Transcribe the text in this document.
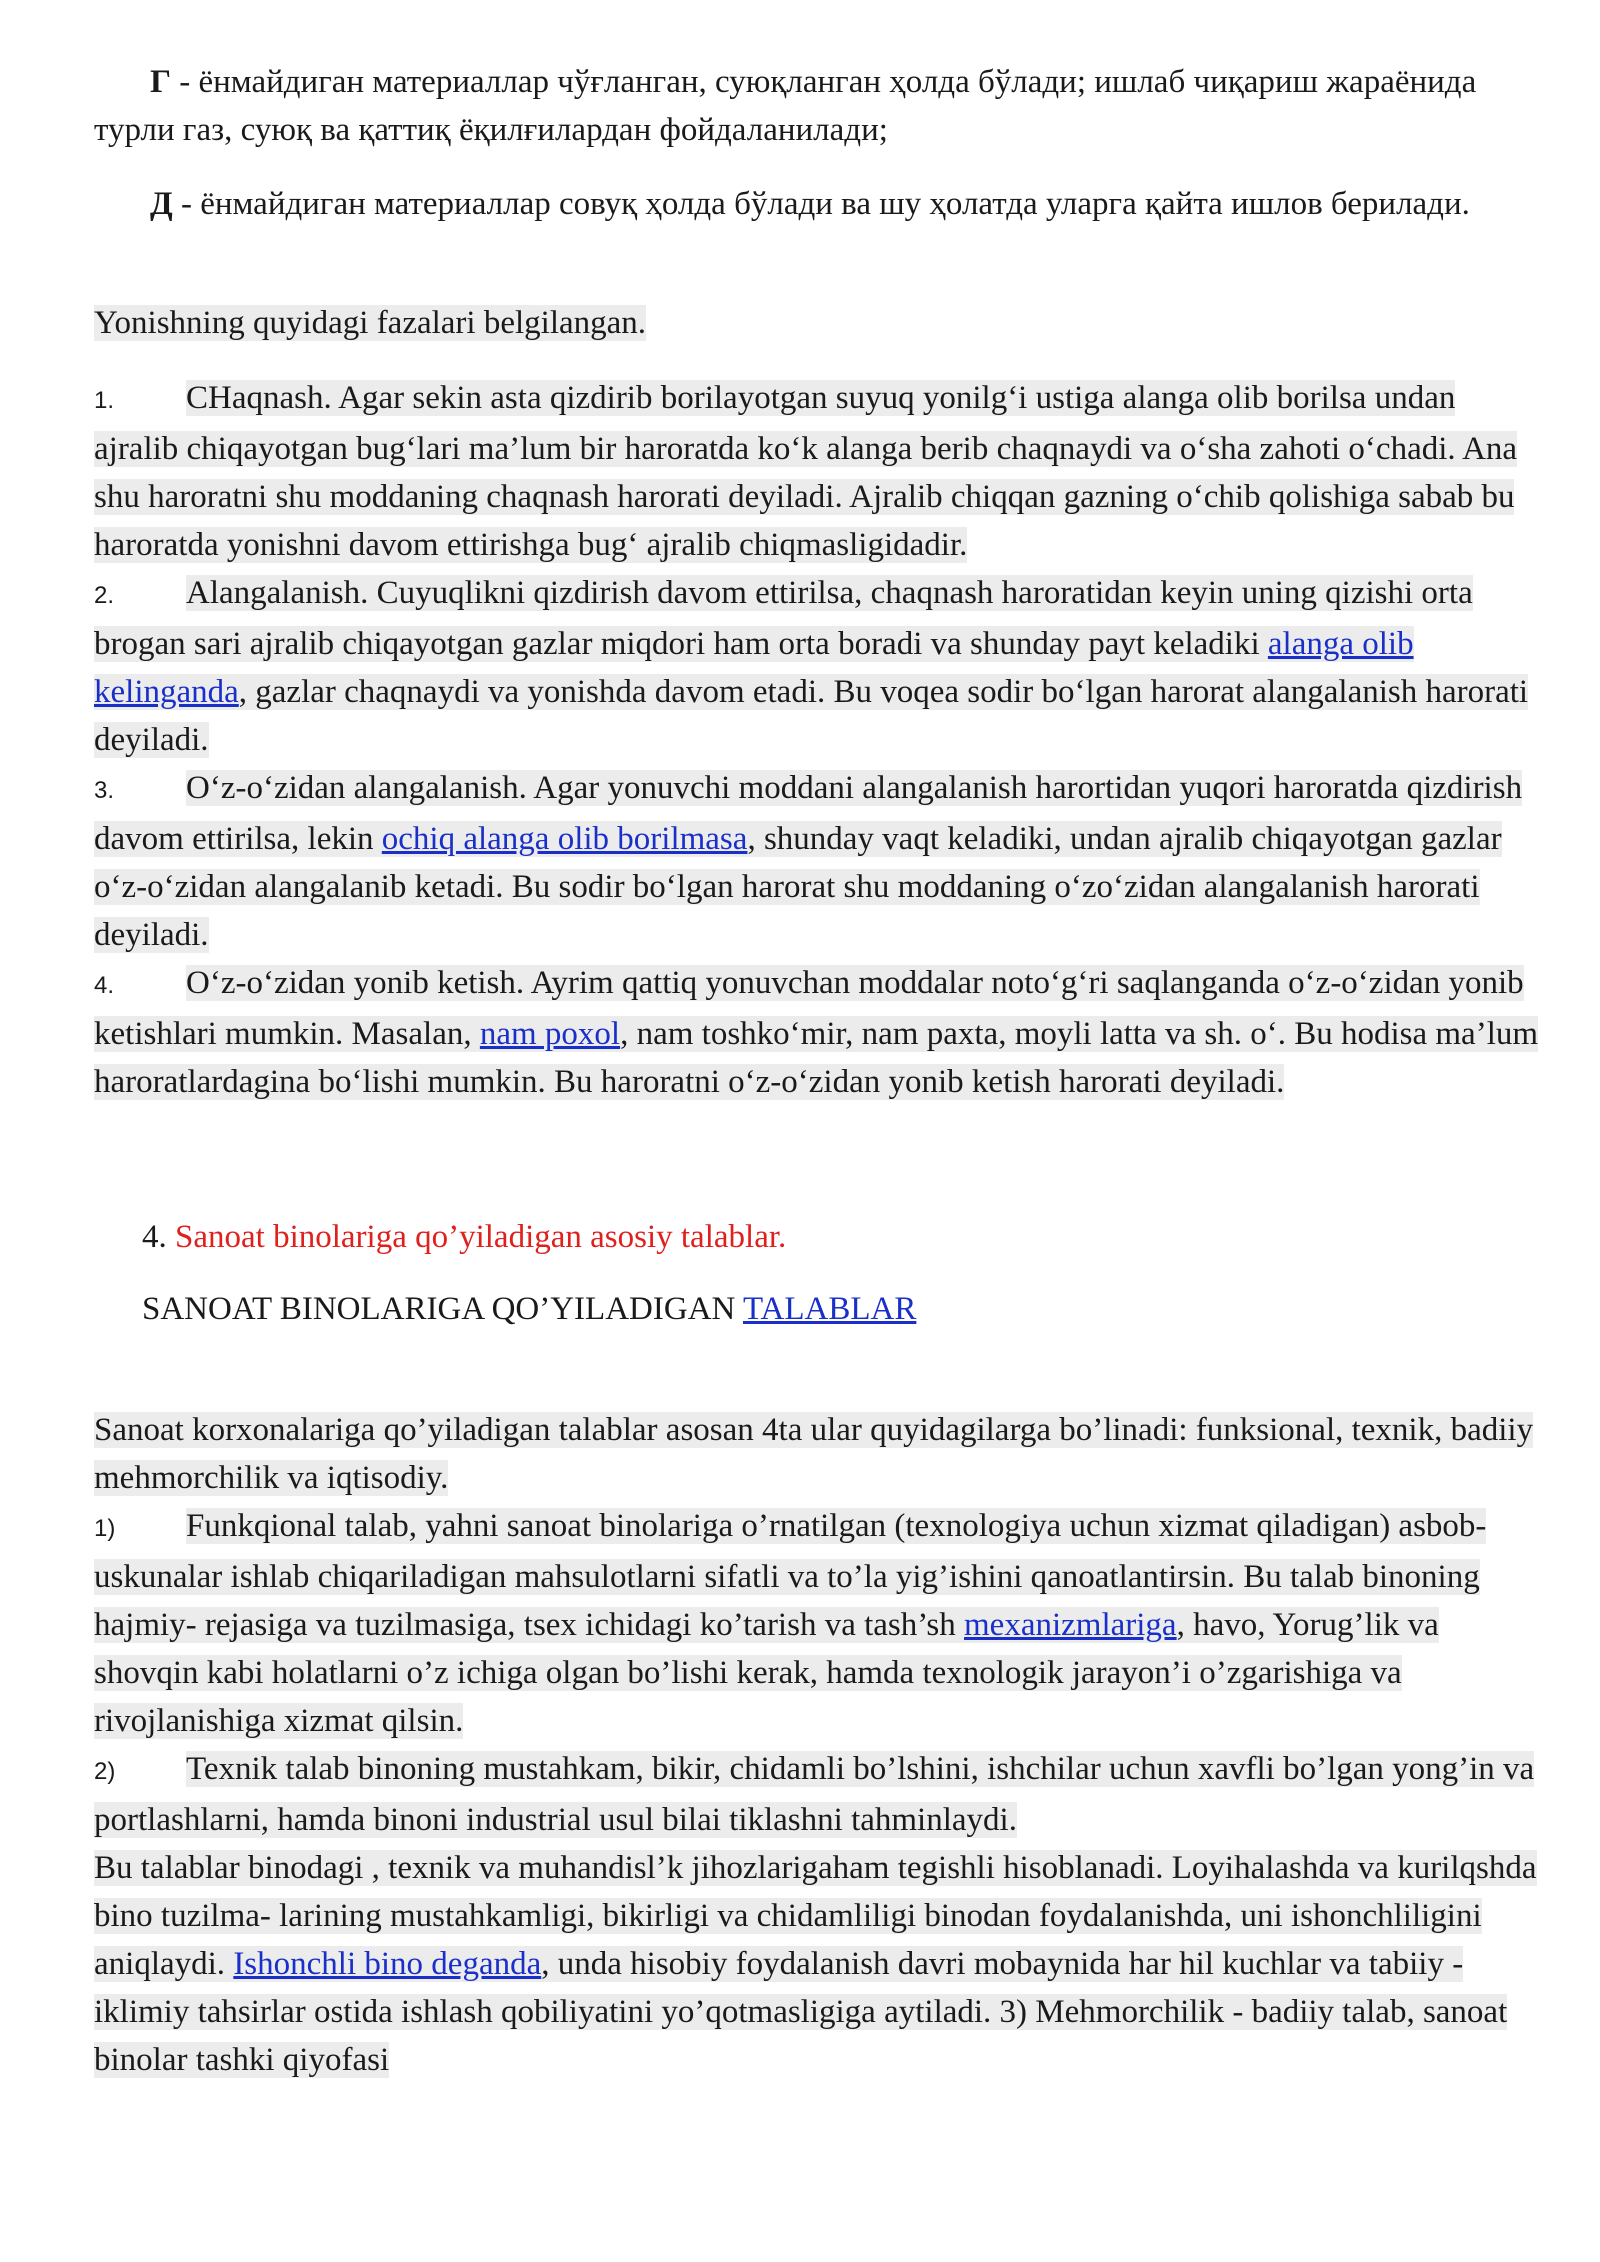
Г - ёнмайдиган материаллар чўғланган, суюқланган ҳолда бўлади; ишлаб чиқариш жараёнида турли газ, суюқ ва қаттиқ ёқилғилардан фойдаланилади;

Д - ёнмайдиган материаллар совуқ ҳолда бўлади ва шу ҳолатда уларга қайта ишлов берилади.

Yonishning quyidagi fazalari belgilangan.

1. CHaqnash. Agar sekin asta qizdirib borilayotgan suyuq yonilg‘i ustiga alanga olib borilsa undan ajralib chiqayotgan bug‘lari ma’lum bir haroratda ko‘k alanga berib chaqnaydi va o‘sha zahoti o‘chadi. Ana shu haroratni shu moddaning chaqnash harorati deyiladi. Ajralib chiqqan gazning o‘chib qolishiga sabab bu haroratda yonishni davom ettirishga bug‘ ajralib chiqmasligidadir.
2. Alangalanish. Cuyuqlikni qizdirish davom ettirilsa, chaqnash haroratidan keyin uning qizishi orta brogan sari ajralib chiqayotgan gazlar miqdori ham orta boradi va shunday payt keladiki alanga olib kelinganda, gazlar chaqnaydi va yonishda davom etadi. Bu voqea sodir bo‘lgan harorat alangalanish harorati deyiladi.
3. O‘z-o‘zidan alangalanish. Agar yonuvchi moddani alangalanish harortidan yuqori haroratda qizdirish davom ettirilsa, lekin ochiq alanga olib borilmasa, shunday vaqt keladiki, undan ajralib chiqayotgan gazlar o‘z-o‘zidan alangalanib ketadi. Bu sodir bo‘lgan harorat shu moddaning o‘zo‘zidan alangalanish harorati deyiladi.
4. O‘z-o‘zidan yonib ketish. Ayrim qattiq yonuvchan moddalar noto‘g‘ri saqlanganda o‘z-o‘zidan yonib ketishlari mumkin. Masalan, nam poxol, nam toshko‘mir, nam paxta, moyli latta va sh. o‘. Bu hodisa ma’lum haroratlardagina bo‘lishi mumkin. Bu haroratni o‘z-o‘zidan yonib ketish harorati deyiladi.

4. Sanoat binolariga qo’yiladigan asosiy talablar.

SANOAT BINOLARIGA QO’YILADIGAN TALABLAR

Sanoat korxonalariga qo’yiladigan talablar asosan 4ta ular quyidagilarga bo’linadi: funksional, texnik, badiiy mehmorchilik va iqtisodiy.
1) Funkqional talab, yahni sanoat binolariga o’rnatilgan (texnologiya uchun xizmat qiladigan) asbob-uskunalar ishlab chiqariladigan mahsulotlarni sifatli va to’la yig’ishini qanoatlantirsin. Bu talab binoning hajmiy- rejasiga va tuzilmasiga, tsex ichidagi ko’tarish va tash’sh mexanizmlariga, havo, Yorug’lik va shovqin kabi holatlarni o’z ichiga olgan bo’lishi kerak, hamda texnologik jarayon’i o’zgarishiga va rivojlanishiga xizmat qilsin.
2) Texnik talab binoning mustahkam, bikir, chidamli bo’lshini, ishchilar uchun xavfli bo’lgan yong’in va portlashlarni, hamda binoni industrial usul bilai tiklashni tahminlaydi.
Bu talablar binodagi , texnik va muhandisl’k jihozlarigaham tegishli hisoblanadi. Loyihalashda va kurilqshda bino tuzilma- larining mustahkamligi, bikirligi va chidamliligi binodan foydalanishda, uni ishonchliligini aniqlaydi. Ishonchli bino deganda, unda hisobiy foydalanish davri mobaynida har hil kuchlar va tabiiy - iklimiy tahsirlar ostida ishlash qobiliyatini yo’qotmasligiga aytiladi. 3) Mehmorchilik - badiiy talab, sanoat binolar tashki qiyofasi
